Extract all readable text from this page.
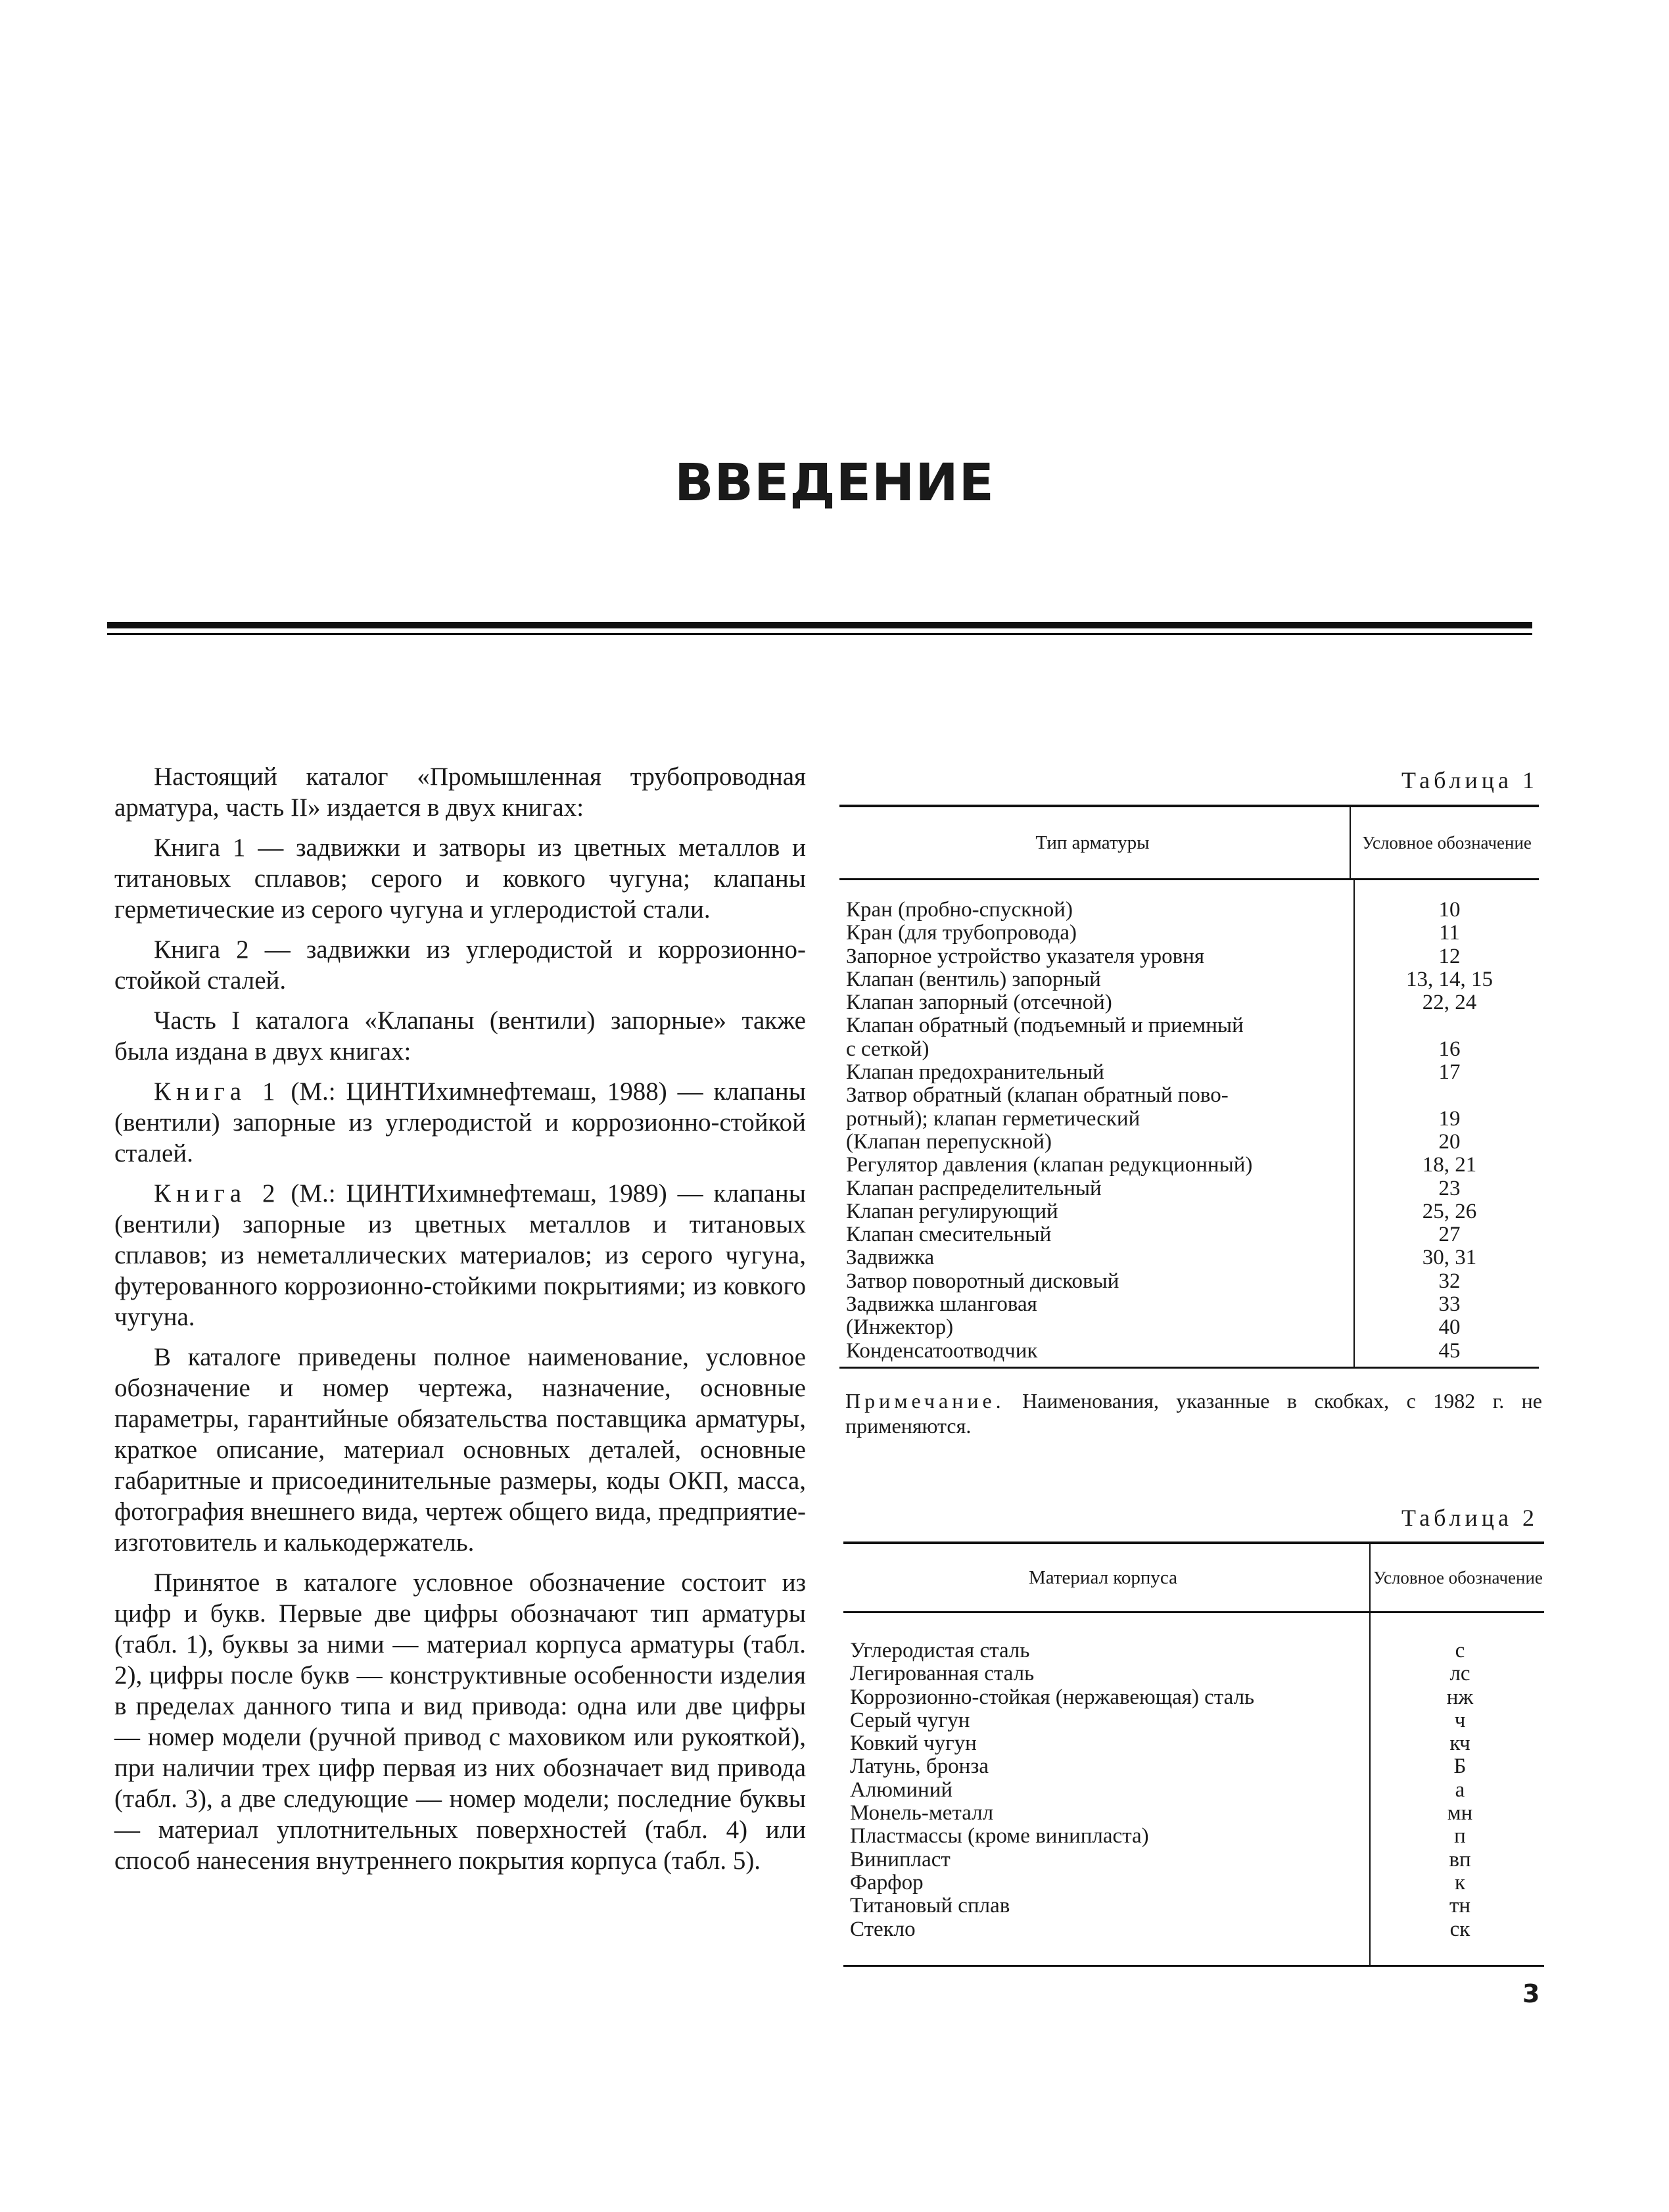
ВВЕДЕНИЕ

Настоящий каталог «Промышленная трубопроводная арматура, часть II» издается в двух книгах:

Книга 1 — задвижки и затворы из цветных металлов и титановых сплавов; серого и ковкого чугуна; клапаны герметические из серого чугуна и углеродистой стали.

Книга 2 — задвижки из углеродистой и коррозионно-стойкой сталей.

Часть I каталога «Клапаны (вентили) запорные» также была издана в двух книгах:

Книга 1 (М.: ЦИНТИхимнефтемаш, 1988) — клапаны (вентили) запорные из углеродистой и коррозионно-стойкой сталей.

Книга 2 (М.: ЦИНТИхимнефтемаш, 1989) — клапаны (вентили) запорные из цветных металлов и титановых сплавов; из неметаллических материалов; из серого чугуна, футерованного коррозионно-стойкими покрытиями; из ковкого чугуна.

В каталоге приведены полное наименование, условное обозначение и номер чертежа, назначение, основные параметры, гарантийные обязательства поставщика арматуры, краткое описание, материал основных деталей, основные габаритные и присоединительные размеры, коды ОКП, масса, фотография внешнего вида, чертеж общего вида, предприятие-изготовитель и калькодержатель.

Принятое в каталоге условное обозначение состоит из цифр и букв. Первые две цифры обозначают тип арматуры (табл. 1), буквы за ними — материал корпуса арматуры (табл. 2), цифры после букв — конструктивные особенности изделия в пределах данного типа и вид привода: одна или две цифры — номер модели (ручной привод с маховиком или рукояткой), при наличии трех цифр первая из них обозначает вид привода (табл. 3), а две следующие — номер модели; последние буквы — материал уплотнительных поверхностей (табл. 4) или способ нанесения внутреннего покрытия корпуса (табл. 5).

Таблица 1
Тип арматуры	Условное обозначение
Кран (пробно-спускной)	10
Кран (для трубопровода)	11
Запорное устройство указателя уровня	12
Клапан (вентиль) запорный	13, 14, 15
Клапан запорный (отсечной)	22, 24
Клапан обратный (подъемный и приемный
с сеткой)	16
Клапан предохранительный	17
Затвор обратный (клапан обратный пово-
ротный); клапан герметический	19
(Клапан перепускной)	20
Регулятор давления (клапан редукционный)	18, 21
Клапан распределительный	23
Клапан регулирующий	25, 26
Клапан смесительный	27
Задвижка	30, 31
Затвор поворотный дисковый	32
Задвижка шланговая	33
(Инжектор)	40
Конденсатоотводчик	45
Примечание. Наименования, указанные в скобках, с 1982 г. не применяются.
Таблица 2
Материал корпуса	Условное обозначение
Углеродистая сталь	с
Легированная сталь	лс
Коррозионно-стойкая (нержавеющая) сталь	нж
Серый чугун	ч
Ковкий чугун	кч
Латунь, бронза	Б
Алюминий	а
Монель-металл	мн
Пластмассы (кроме винипласта)	п
Винипласт	вп
Фарфор	к
Титановый сплав	тн
Стекло	ск
3
